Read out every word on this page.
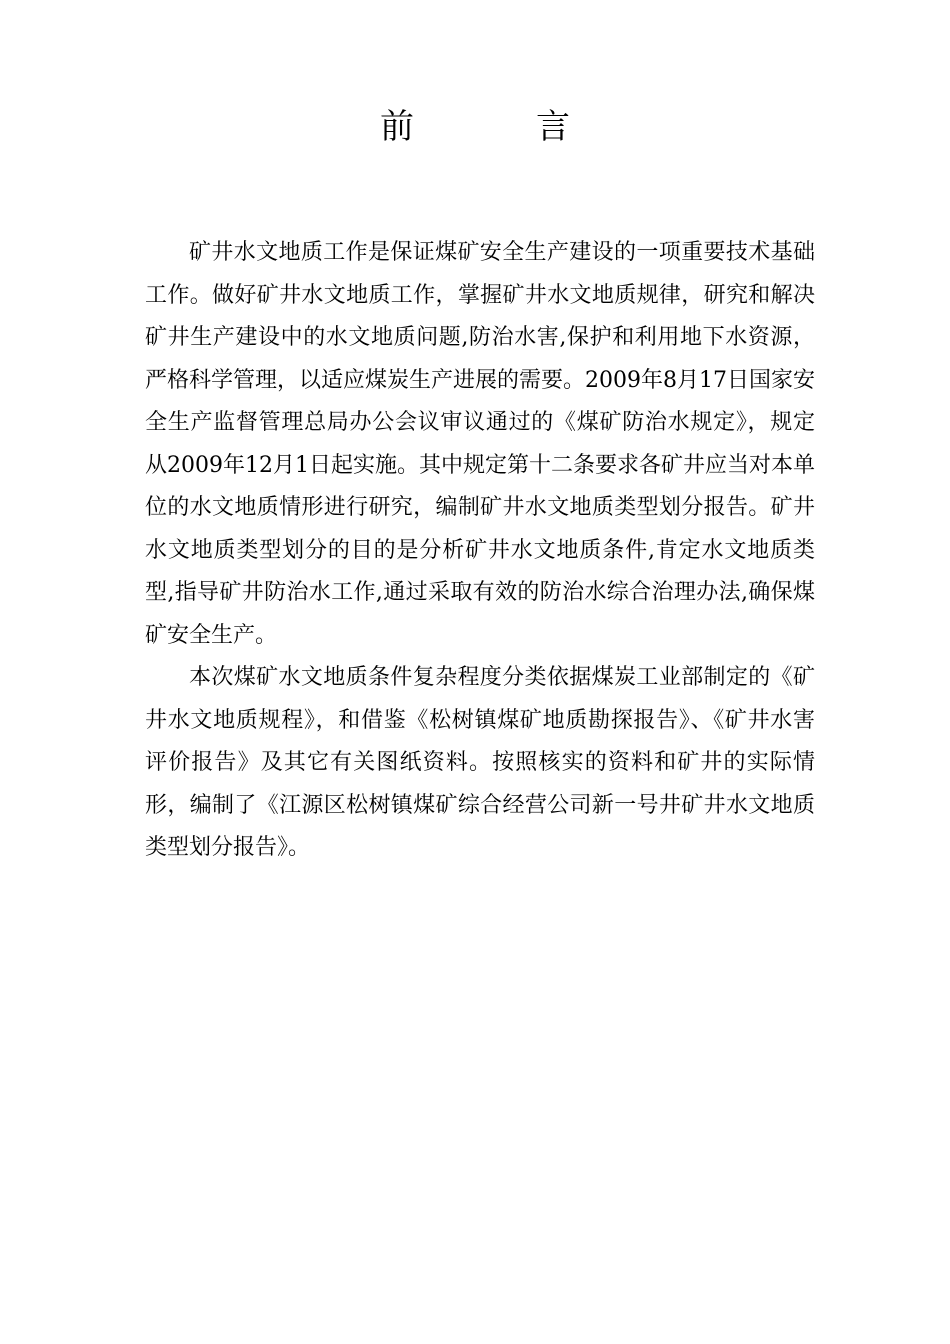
前　言

矿井水文地质工作是保证煤矿安全生产建设的一项重要技术基础工作。做好矿井水文地质工作，掌握矿井水文地质规律，研究和解决矿井生产建设中的水文地质问题,防治水害,保护和利用地下水资源，严格科学管理，以适应煤炭生产进展的需要。2009年8月17日国家安全生产监督管理总局办公会议审议通过的《煤矿防治水规定》，规定从2009年12月1日起实施。其中规定第十二条要求各矿井应当对本单位的水文地质情形进行研究，编制矿井水文地质类型划分报告。矿井水文地质类型划分的目的是分析矿井水文地质条件,肯定水文地质类型,指导矿井防治水工作,通过采取有效的防治水综合治理办法,确保煤矿安全生产。

本次煤矿水文地质条件复杂程度分类依据煤炭工业部制定的《矿井水文地质规程》，和借鉴《松树镇煤矿地质勘探报告》、《矿井水害评价报告》及其它有关图纸资料。按照核实的资料和矿井的实际情形，编制了《江源区松树镇煤矿综合经营公司新一号井矿井水文地质类型划分报告》。
